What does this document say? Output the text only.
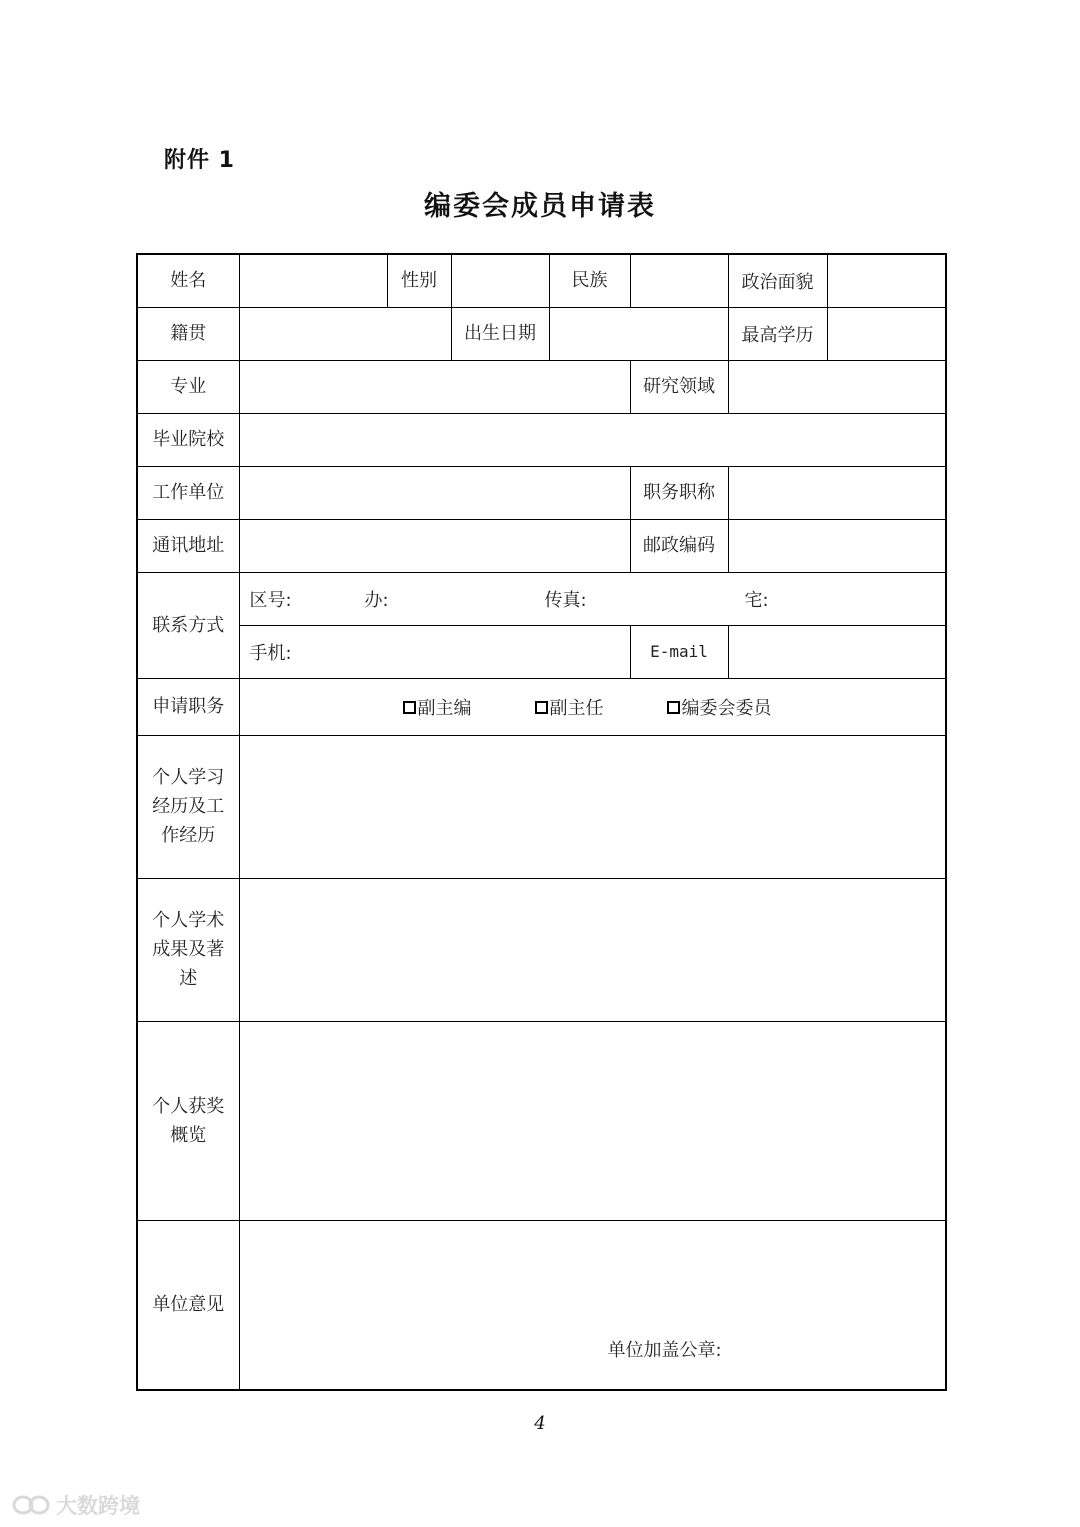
附件 1
编委会成员申请表
姓名		性别		民族		政治面貌

籍贯			出生日期			最高学历

专业					研究领域	
毕业院校						
工作单位					职务职称	
通讯地址					邮政编码	
联系方式	区号: 办: 传真: 宅:					

	手机:				E-mail	
申请职务	副主编 副主任 编委会委员					

个人学习经历及工作经历						

个人学术成果及著述						

个人获奖概览						

单位意见	单位加盖公章:					
4
大数跨境
